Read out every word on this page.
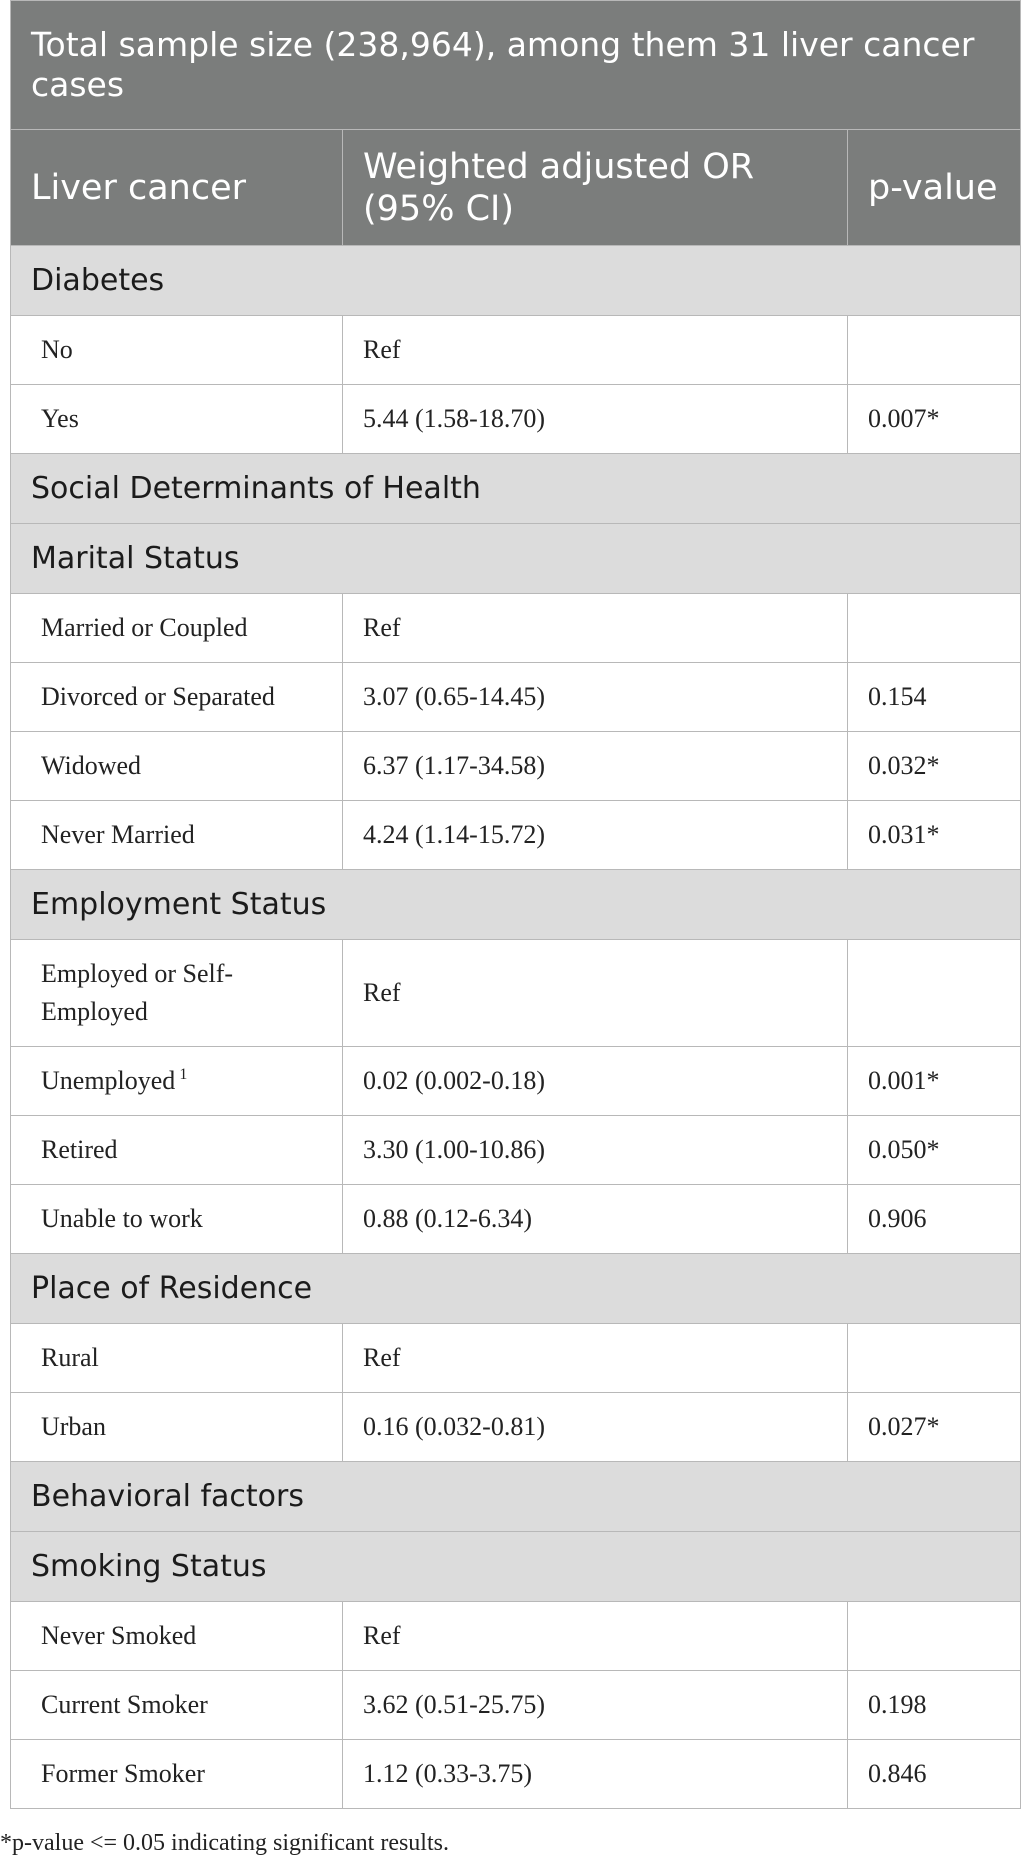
Total sample size (238,964), among them 31 liver cancer cases		
Liver cancer	Weighted adjusted OR (95% CI)	p-value
Diabetes		
No	Ref	
Yes	5.44 (1.58-18.70)	0.007*
Social Determinants of Health		
Marital Status		
Married or Coupled	Ref	
Divorced or Separated	3.07 (0.65-14.45)	0.154
Widowed	6.37 (1.17-34.58)	0.032*
Never Married	4.24 (1.14-15.72)	0.031*
Employment Status		
Employed or Self-Employed	Ref	
Unemployed $^1$	0.02 (0.002-0.18)	0.001*
Retired	3.30 (1.00-10.86)	0.050*
Unable to work	0.88 (0.12-6.34)	0.906
Place of Residence		
Rural	Ref	
Urban	0.16 (0.032-0.81)	0.027*
Behavioral factors		
Smoking Status		
Never Smoked	Ref	
Current Smoker	3.62 (0.51-25.75)	0.198
Former Smoker	1.12 (0.33-3.75)	0.846
*p-value <= 0.05 indicating significant results.
